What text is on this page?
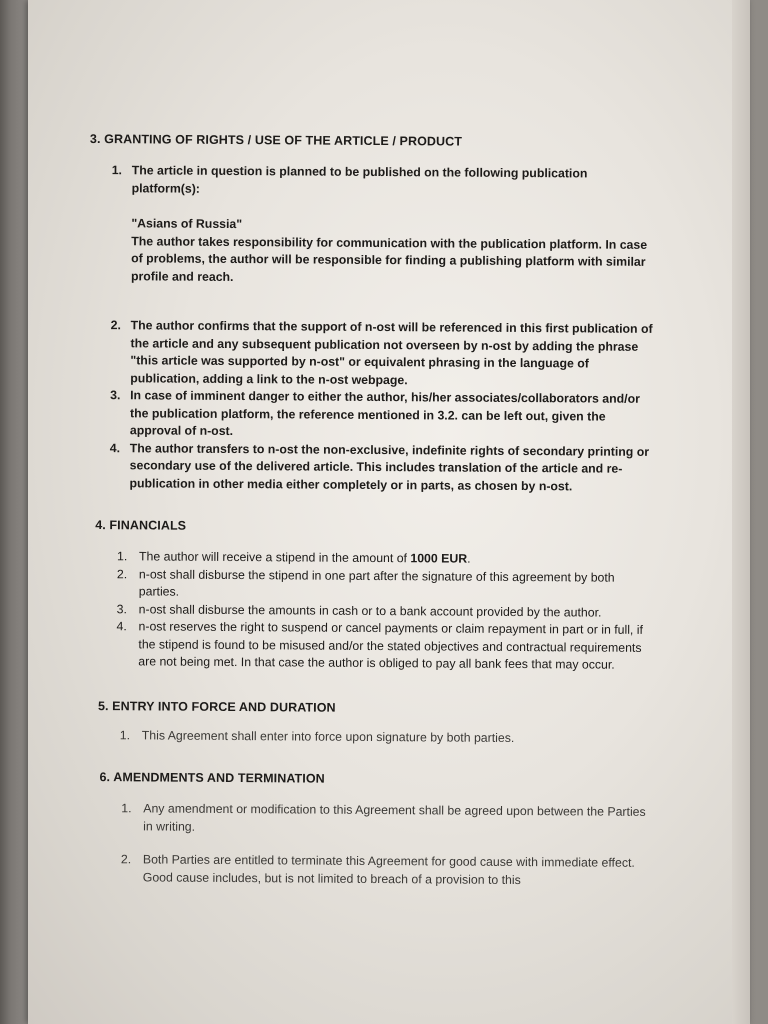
3. GRANTING OF RIGHTS / USE OF THE ARTICLE / PRODUCT

1. The article in question is planned to be published on the following publication platform(s):
"Asians of Russia"
The author takes responsibility for communication with the publication platform. In case of problems, the author will be responsible for finding a publishing platform with similar profile and reach.
2. The author confirms that the support of n-ost will be referenced in this first publication of the article and any subsequent publication not overseen by n-ost by adding the phrase "this article was supported by n-ost" or equivalent phrasing in the language of publication, adding a link to the n-ost webpage.
3. In case of imminent danger to either the author, his/her associates/collaborators and/or the publication platform, the reference mentioned in 3.2. can be left out, given the approval of n-ost.
4. The author transfers to n-ost the non-exclusive, indefinite rights of secondary printing or secondary use of the delivered article. This includes translation of the article and re-publication in other media either completely or in parts, as chosen by n-ost.

4. FINANCIALS

1. The author will receive a stipend in the amount of 1000 EUR.
2. n-ost shall disburse the stipend in one part after the signature of this agreement by both parties.
3. n-ost shall disburse the amounts in cash or to a bank account provided by the author.
4. n-ost reserves the right to suspend or cancel payments or claim repayment in part or in full, if the stipend is found to be misused and/or the stated objectives and contractual requirements are not being met. In that case the author is obliged to pay all bank fees that may occur.

5. ENTRY INTO FORCE AND DURATION

1. This Agreement shall enter into force upon signature by both parties.

6. AMENDMENTS AND TERMINATION

1. Any amendment or modification to this Agreement shall be agreed upon between the Parties in writing.
2. Both Parties are entitled to terminate this Agreement for good cause with immediate effect. Good cause includes, but is not limited to breach of a provision to this
